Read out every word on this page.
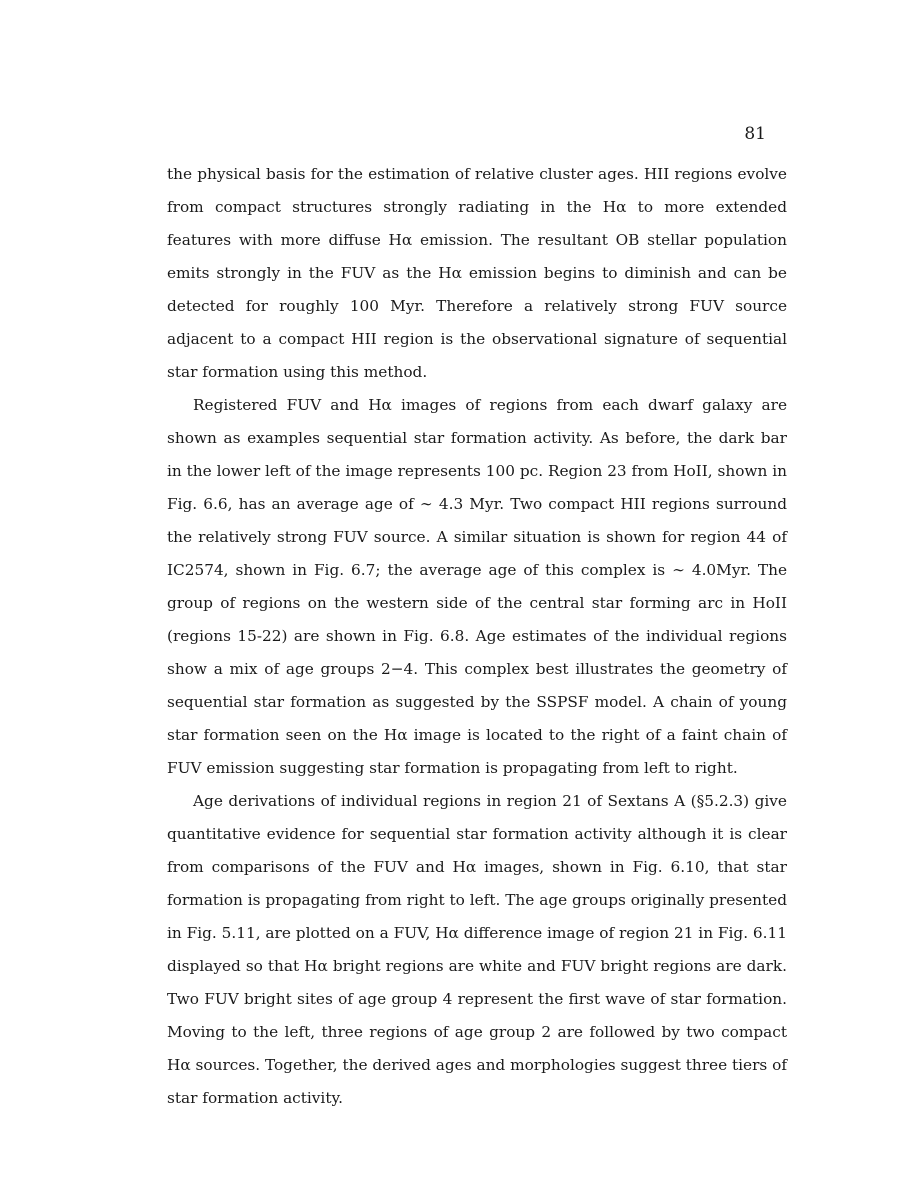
81

the physical basis for the estimation of relative cluster ages. HII regions evolve from compact structures strongly radiating in the Hα to more extended features with more diffuse Hα emission. The resultant OB stellar population emits strongly in the FUV as the Hα emission begins to diminish and can be detected for roughly 100 Myr. Therefore a relatively strong FUV source adjacent to a compact HII region is the observational signature of sequential star formation using this method.

Registered FUV and Hα images of regions from each dwarf galaxy are shown as examples sequential star formation activity. As before, the dark bar in the lower left of the image represents 100 pc. Region 23 from HoII, shown in Fig. 6.6, has an average age of ∼ 4.3 Myr. Two compact HII regions surround the relatively strong FUV source. A similar situation is shown for region 44 of IC2574, shown in Fig. 6.7; the average age of this complex is ∼ 4.0Myr. The group of regions on the western side of the central star forming arc in HoII (regions 15-22) are shown in Fig. 6.8. Age estimates of the individual regions show a mix of age groups 2−4. This complex best illustrates the geometry of sequential star formation as suggested by the SSPSF model. A chain of young star formation seen on the Hα image is located to the right of a faint chain of FUV emission suggesting star formation is propagating from left to right.

Age derivations of individual regions in region 21 of Sextans A (§5.2.3) give quantitative evidence for sequential star formation activity although it is clear from comparisons of the FUV and Hα images, shown in Fig. 6.10, that star formation is propagating from right to left. The age groups originally presented in Fig. 5.11, are plotted on a FUV, Hα difference image of region 21 in Fig. 6.11 displayed so that Hα bright regions are white and FUV bright regions are dark. Two FUV bright sites of age group 4 represent the first wave of star formation. Moving to the left, three regions of age group 2 are followed by two compact Hα sources. Together, the derived ages and morphologies suggest three tiers of star formation activity.
